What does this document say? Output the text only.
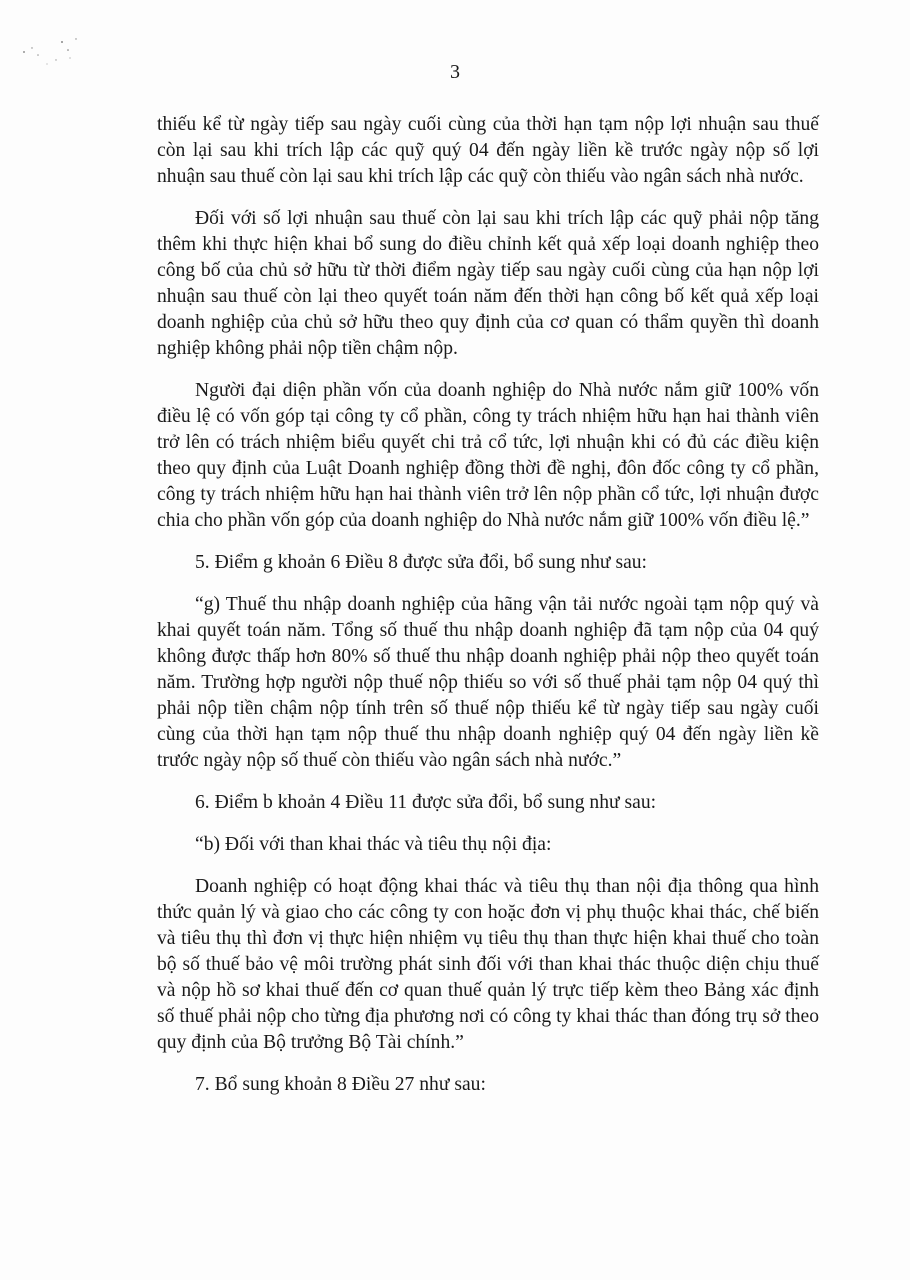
3

thiếu kể từ ngày tiếp sau ngày cuối cùng của thời hạn tạm nộp lợi nhuận sau thuế còn lại sau khi trích lập các quỹ quý 04 đến ngày liền kề trước ngày nộp số lợi nhuận sau thuế còn lại sau khi trích lập các quỹ còn thiếu vào ngân sách nhà nước.

Đối với số lợi nhuận sau thuế còn lại sau khi trích lập các quỹ phải nộp tăng thêm khi thực hiện khai bổ sung do điều chỉnh kết quả xếp loại doanh nghiệp theo công bố của chủ sở hữu từ thời điểm ngày tiếp sau ngày cuối cùng của hạn nộp lợi nhuận sau thuế còn lại theo quyết toán năm đến thời hạn công bố kết quả xếp loại doanh nghiệp của chủ sở hữu theo quy định của cơ quan có thẩm quyền thì doanh nghiệp không phải nộp tiền chậm nộp.

Người đại diện phần vốn của doanh nghiệp do Nhà nước nắm giữ 100% vốn điều lệ có vốn góp tại công ty cổ phần, công ty trách nhiệm hữu hạn hai thành viên trở lên có trách nhiệm biểu quyết chi trả cổ tức, lợi nhuận khi có đủ các điều kiện theo quy định của Luật Doanh nghiệp đồng thời đề nghị, đôn đốc công ty cổ phần, công ty trách nhiệm hữu hạn hai thành viên trở lên nộp phần cổ tức, lợi nhuận được chia cho phần vốn góp của doanh nghiệp do Nhà nước nắm giữ 100% vốn điều lệ.”

5. Điểm g khoản 6 Điều 8 được sửa đổi, bổ sung như sau:

“g) Thuế thu nhập doanh nghiệp của hãng vận tải nước ngoài tạm nộp quý và khai quyết toán năm. Tổng số thuế thu nhập doanh nghiệp đã tạm nộp của 04 quý không được thấp hơn 80% số thuế thu nhập doanh nghiệp phải nộp theo quyết toán năm. Trường hợp người nộp thuế nộp thiếu so với số thuế phải tạm nộp 04 quý thì phải nộp tiền chậm nộp tính trên số thuế nộp thiếu kể từ ngày tiếp sau ngày cuối cùng của thời hạn tạm nộp thuế thu nhập doanh nghiệp quý 04 đến ngày liền kề trước ngày nộp số thuế còn thiếu vào ngân sách nhà nước.”

6. Điểm b khoản 4 Điều 11 được sửa đổi, bổ sung như sau:

“b) Đối với than khai thác và tiêu thụ nội địa:

Doanh nghiệp có hoạt động khai thác và tiêu thụ than nội địa thông qua hình thức quản lý và giao cho các công ty con hoặc đơn vị phụ thuộc khai thác, chế biến và tiêu thụ thì đơn vị thực hiện nhiệm vụ tiêu thụ than thực hiện khai thuế cho toàn bộ số thuế bảo vệ môi trường phát sinh đối với than khai thác thuộc diện chịu thuế và nộp hồ sơ khai thuế đến cơ quan thuế quản lý trực tiếp kèm theo Bảng xác định số thuế phải nộp cho từng địa phương nơi có công ty khai thác than đóng trụ sở theo quy định của Bộ trưởng Bộ Tài chính.”

7. Bổ sung khoản 8 Điều 27 như sau:
